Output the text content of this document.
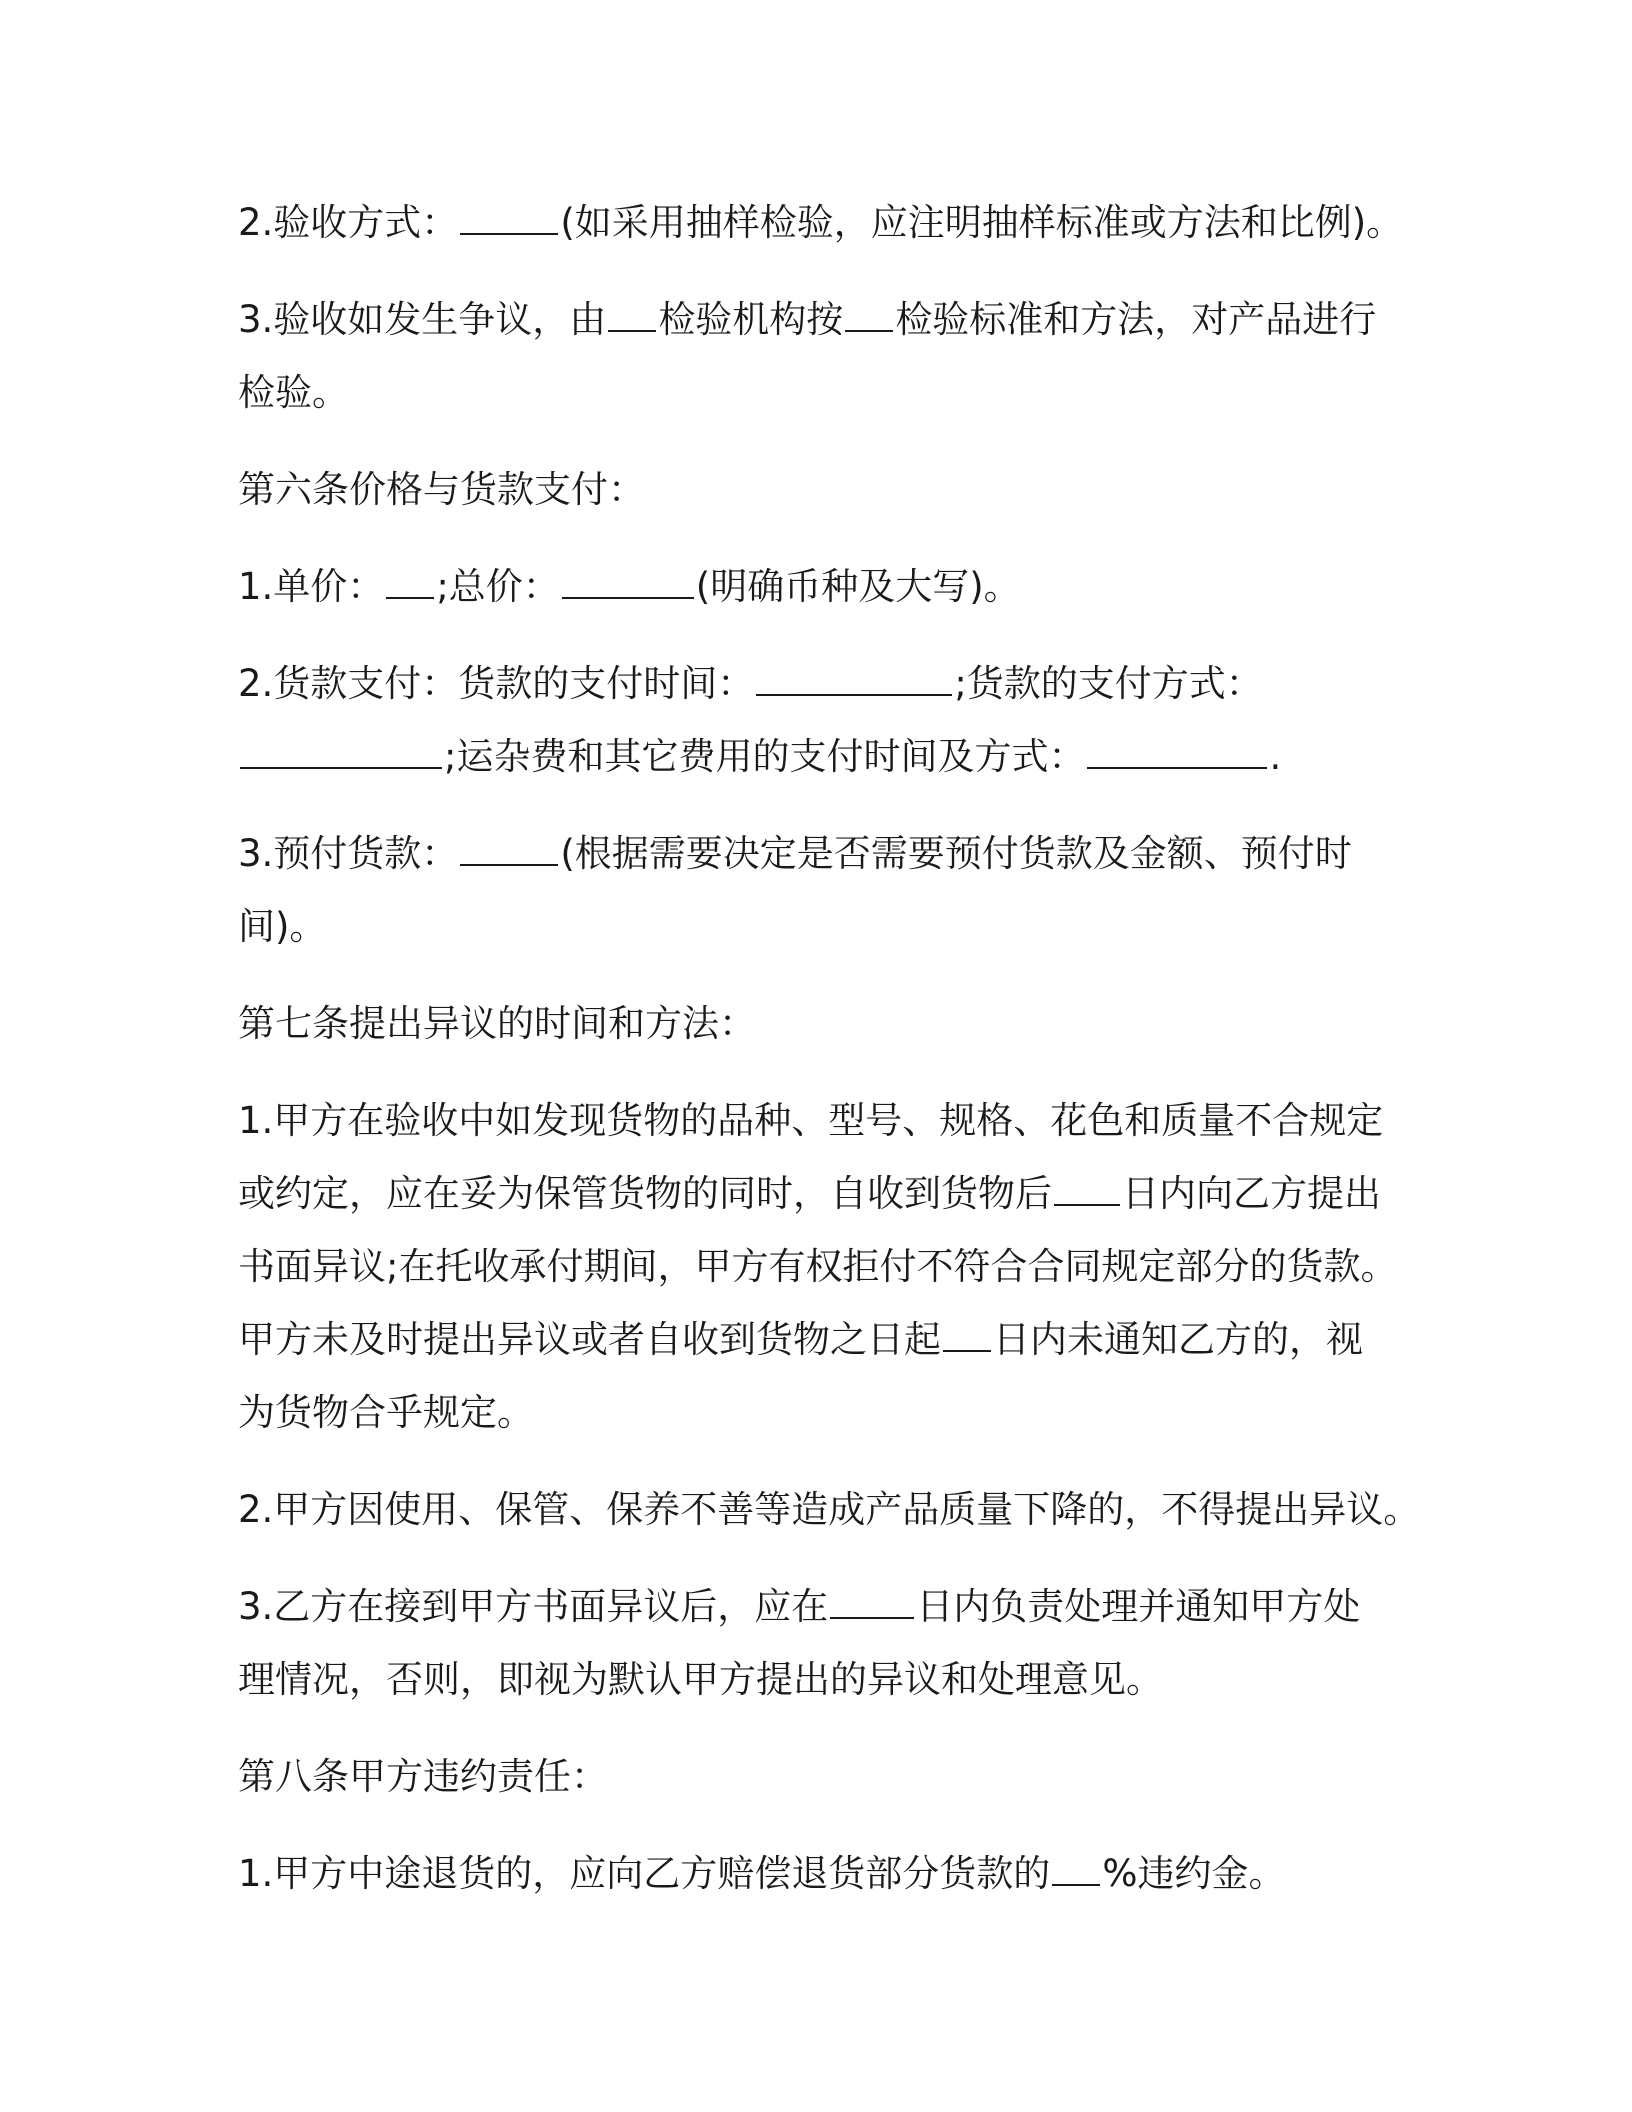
2.验收方式：	(如采用抽样检验，应注明抽样标准或方法和比例)。

3.验收如发生争议，由 检验机构按 检验标准和方法，对产品进行
检验。

第六条价格与货款支付：

1.单价： ;总价：	(明确币种及大写)。

2.货款支付：货款的支付时间：	;货款的支付方式：
;运杂费和其它费用的支付时间及方式：	.

3.预付货款：	(根据需要决定是否需要预付货款及金额、预付时
间)。

第七条提出异议的时间和方法：

1.甲方在验收中如发现货物的品种、型号、规格、花色和质量不合规定
或约定，应在妥为保管货物的同时，自收到货物后 日内向乙方提出
书面异议;在托收承付期间，甲方有权拒付不符合合同规定部分的货款。
甲方未及时提出异议或者自收到货物之日起 日内未通知乙方的，视
为货物合乎规定。

2.甲方因使用、保管、保养不善等造成产品质量下降的，不得提出异议。

3.乙方在接到甲方书面异议后，应在 日内负责处理并通知甲方处
理情况，否则，即视为默认甲方提出的异议和处理意见。

第八条甲方违约责任：

1.甲方中途退货的，应向乙方赔偿退货部分货款的 %违约金。
